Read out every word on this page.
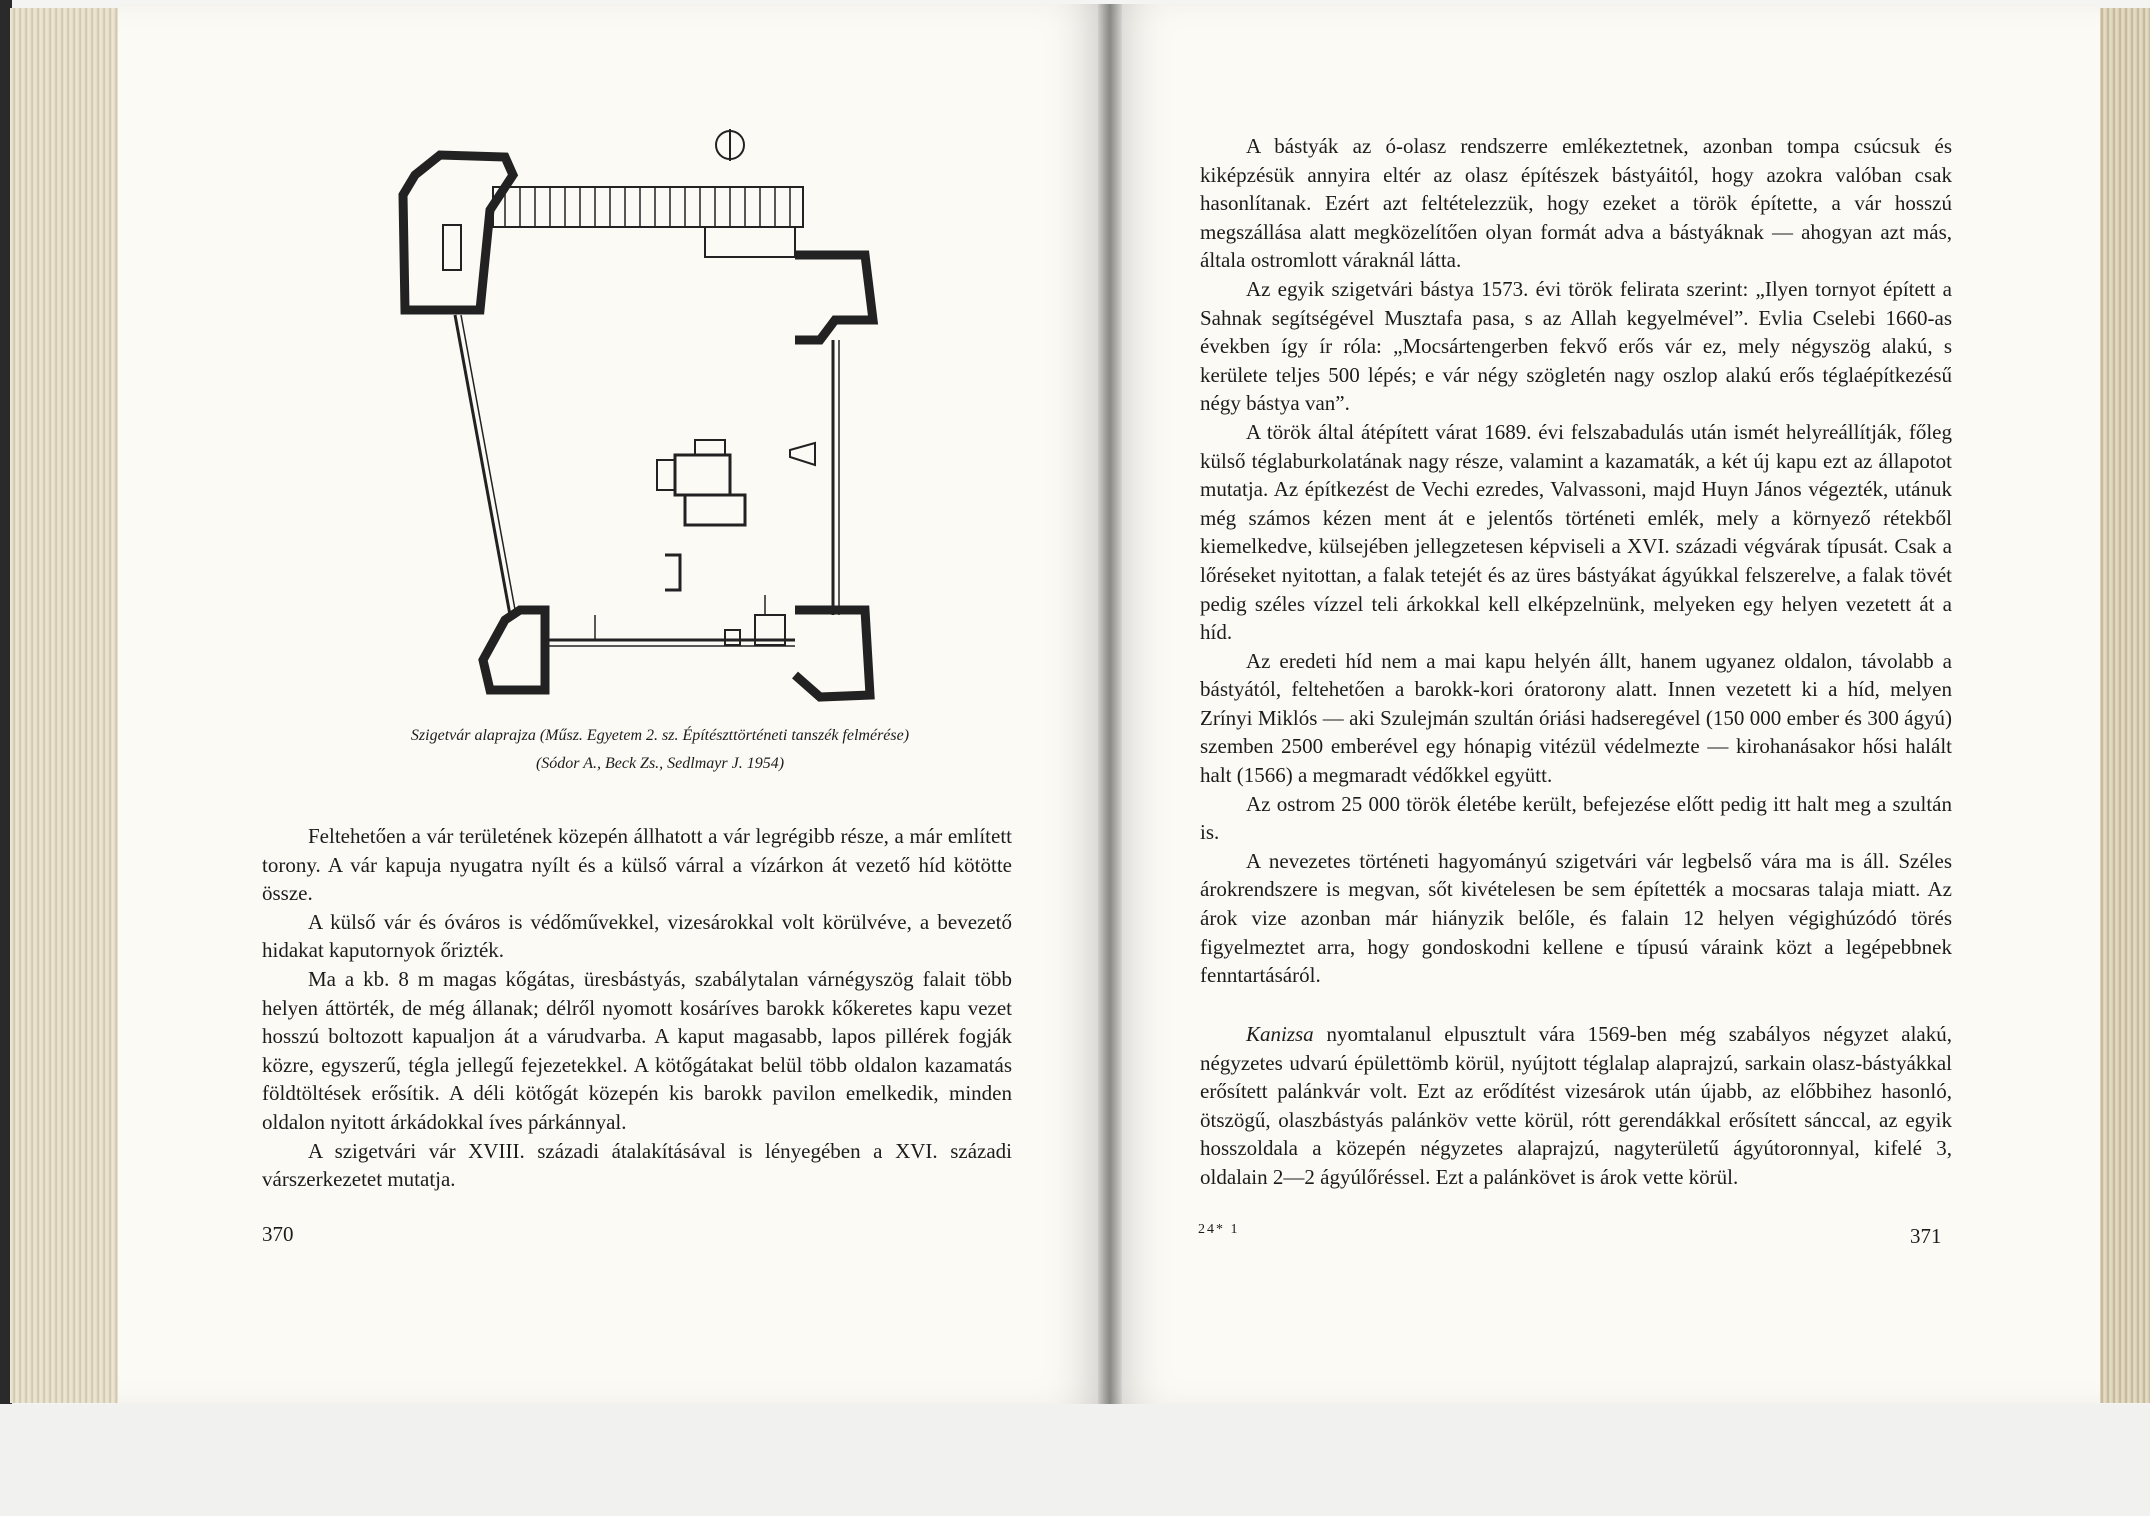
Szigetvár alaprajza (Műsz. Egyetem 2. sz. Építészttörténeti tanszék felmérése)
(Sódor A., Beck Zs., Sedlmayr J. 1954)

Feltehetően a vár területének közepén állhatott a vár legrégibb része, a már említett torony. A vár kapuja nyugatra nyílt és a külső várral a vízárkon át vezető híd kötötte össze.

A külső vár és óváros is védőművekkel, vizesárokkal volt körülvéve, a bevezető hidakat kaputornyok őrizték.

Ma a kb. 8 m magas kőgátas, üresbástyás, szabálytalan várnégyszög falait több helyen áttörték, de még állanak; délről nyomott kosáríves barokk kőkeretes kapu vezet hosszú boltozott kapualjon át a várudvarba. A kaput magasabb, lapos pillérek fogják közre, egyszerű, tégla jellegű fejezetekkel. A kötőgátakat belül több oldalon kazamatás földtöltések erősítik. A déli kötőgát közepén kis barokk pavilon emelkedik, minden oldalon nyitott árkádokkal íves párkánnyal.

A szigetvári vár XVIII. századi átalakításával is lényegében a XVI. századi várszerkezetet mutatja.

370

A bástyák az ó-olasz rendszerre emlékeztetnek, azonban tompa csúcsuk és kiképzésük annyira eltér az olasz építészek bástyáitól, hogy azokra valóban csak hasonlítanak. Ezért azt feltételezzük, hogy ezeket a török építette, a vár hosszú megszállása alatt megközelítően olyan formát adva a bástyáknak — ahogyan azt más, általa ostromlott váraknál látta.

Az egyik szigetvári bástya 1573. évi török felirata szerint: „Ilyen tornyot épített a Sahnak segítségével Musztafa pasa, s az Allah kegyelmével”. Evlia Cselebi 1660-as években így ír róla: „Mocsártengerben fekvő erős vár ez, mely négyszög alakú, s kerülete teljes 500 lépés; e vár négy szögletén nagy oszlop alakú erős téglaépítkezésű négy bástya van”.

A török által átépített várat 1689. évi felszabadulás után ismét helyreállítják, főleg külső téglaburkolatának nagy része, valamint a kazamaták, a két új kapu ezt az állapotot mutatja. Az építkezést de Vechi ezredes, Valvassoni, majd Huyn János végezték, utánuk még számos kézen ment át e jelentős történeti emlék, mely a környező rétekből kiemelkedve, külsejében jellegzetesen képviseli a XVI. századi végvárak típusát. Csak a lőréseket nyitottan, a falak tetejét és az üres bástyákat ágyúkkal felszerelve, a falak tövét pedig széles vízzel teli árkokkal kell elképzelnünk, melyeken egy helyen vezetett át a híd.

Az eredeti híd nem a mai kapu helyén állt, hanem ugyanez oldalon, távolabb a bástyától, feltehetően a barokk-kori óratorony alatt. Innen vezetett ki a híd, melyen Zrínyi Miklós — aki Szulejmán szultán óriási hadseregével (150 000 ember és 300 ágyú) szemben 2500 emberével egy hónapig vitézül védelmezte — kirohanásakor hősi halált halt (1566) a megmaradt védőkkel együtt.

Az ostrom 25 000 török életébe került, befejezése előtt pedig itt halt meg a szultán is.

A nevezetes történeti hagyományú szigetvári vár legbelső vára ma is áll. Széles árokrendszere is megvan, sőt kivételesen be sem építették a mocsaras talaja miatt. Az árok vize azonban már hiányzik belőle, és falain 12 helyen végighúzódó törés figyelmeztet arra, hogy gondoskodni kellene e típusú váraink közt a legépebbnek fenntartásáról.

Kanizsa nyomtalanul elpusztult vára 1569-ben még szabályos négyzet alakú, négyzetes udvarú épülettömb körül, nyújtott téglalap alaprajzú, sarkain olasz-bástyákkal erősített palánkvár volt. Ezt az erődítést vizesárok után újabb, az előbbihez hasonló, ötszögű, olaszbástyás palánköv vette körül, rótt gerendákkal erősített sánccal, az egyik hosszoldala a közepén négyzetes alaprajzú, nagyterületű ágyútoronnyal, kifelé 3, oldalain 2—2 ágyúlőréssel. Ezt a palánkövet is árok vette körül.

24* 1	371
